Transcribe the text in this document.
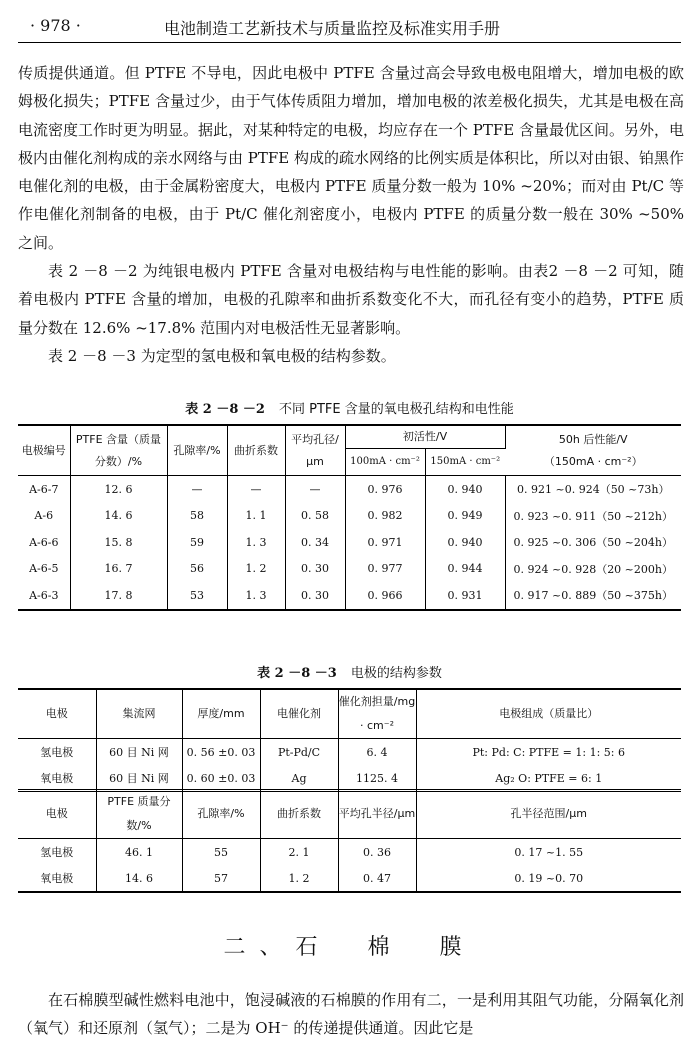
· 978 ·	电池制造工艺新技术与质量监控及标准实用手册

传质提供通道。但 PTFE 不导电，因此电极中 PTFE 含量过高会导致电极电阻增大，增加电极的欧姆极化损失；PTFE 含量过少，由于气体传质阻力增加，增加电极的浓差极化损失，尤其是电极在高电流密度工作时更为明显。据此，对某种特定的电极，均应存在一个 PTFE 含量最优区间。另外，电极内由催化剂构成的亲水网络与由 PTFE 构成的疏水网络的比例实质是体积比，所以对由银、铂黑作电催化剂的电极，由于金属粉密度大，电极内 PTFE 质量分数一般为 10% ~20%；而对由 Pt/C 等作电催化剂制备的电极，由于 Pt/C 催化剂密度小，电极内 PTFE 的质量分数一般在 30% ~50% 之间。

表 2 －8 －2 为纯银电极内 PTFE 含量对电极结构与电性能的影响。由表2 －8 －2 可知，随着电极内 PTFE 含量的增加，电极的孔隙率和曲折系数变化不大，而孔径有变小的趋势，PTFE 质量分数在 12.6% ~17.8% 范围内对电极活性无显著影响。

表 2 －8 －3 为定型的氢电极和氧电极的结构参数。

表 2 －8 －2 不同 PTFE 含量的氧电极孔结构和电性能
电极编号	PTFE 含量（质量分数）/%	孔隙率/%	曲折系数	平均孔径/μm	初活性/V		50h 后性能/V
（150mA · cm⁻²）

					100mA · cm⁻²	150mA · cm⁻²	
A-6-7	12. 6	—	—	—	0. 976	0. 940	0. 921 ~0. 924（50 ~73h）
A-6	14. 6	58	1. 1	0. 58	0. 982	0. 949	0. 923 ~0. 911（50 ~212h）
A-6-6	15. 8	59	1. 3	0. 34	0. 971	0. 940	0. 925 ~0. 306（50 ~204h）
A-6-5	16. 7	56	1. 2	0. 30	0. 977	0. 944	0. 924 ~0. 928（20 ~200h）
A-6-3	17. 8	53	1. 3	0. 30	0. 966	0. 931	0. 917 ~0. 889（50 ~375h）
表 2 －8 －3 电极的结构参数
电极	集流网	厚度/mm	电催化剂	催化剂担量/mg · cm⁻²	电极组成（质量比）
氢电极	60 目 Ni 网	0. 56 ±0. 03	Pt-Pd/C	6. 4	Pt: Pd: C: PTFE = 1: 1: 5: 6
氧电极	60 目 Ni 网	0. 60 ±0. 03	Ag	1125. 4	Ag₂ O: PTFE = 6: 1
电极	PTFE 质量分数/%	孔隙率/%	曲折系数	平均孔半径/μm	孔半径范围/μm
氢电极	46. 1	55	2. 1	0. 36	0. 17 ~1. 55
氧电极	14. 6	57	1. 2	0. 47	0. 19 ~0. 70
二、石　棉　膜

在石棉膜型碱性燃料电池中，饱浸碱液的石棉膜的作用有二，一是利用其阻气功能，分隔氧化剂（氧气）和还原剂（氢气）；二是为 OH⁻ 的传递提供通道。因此它是
